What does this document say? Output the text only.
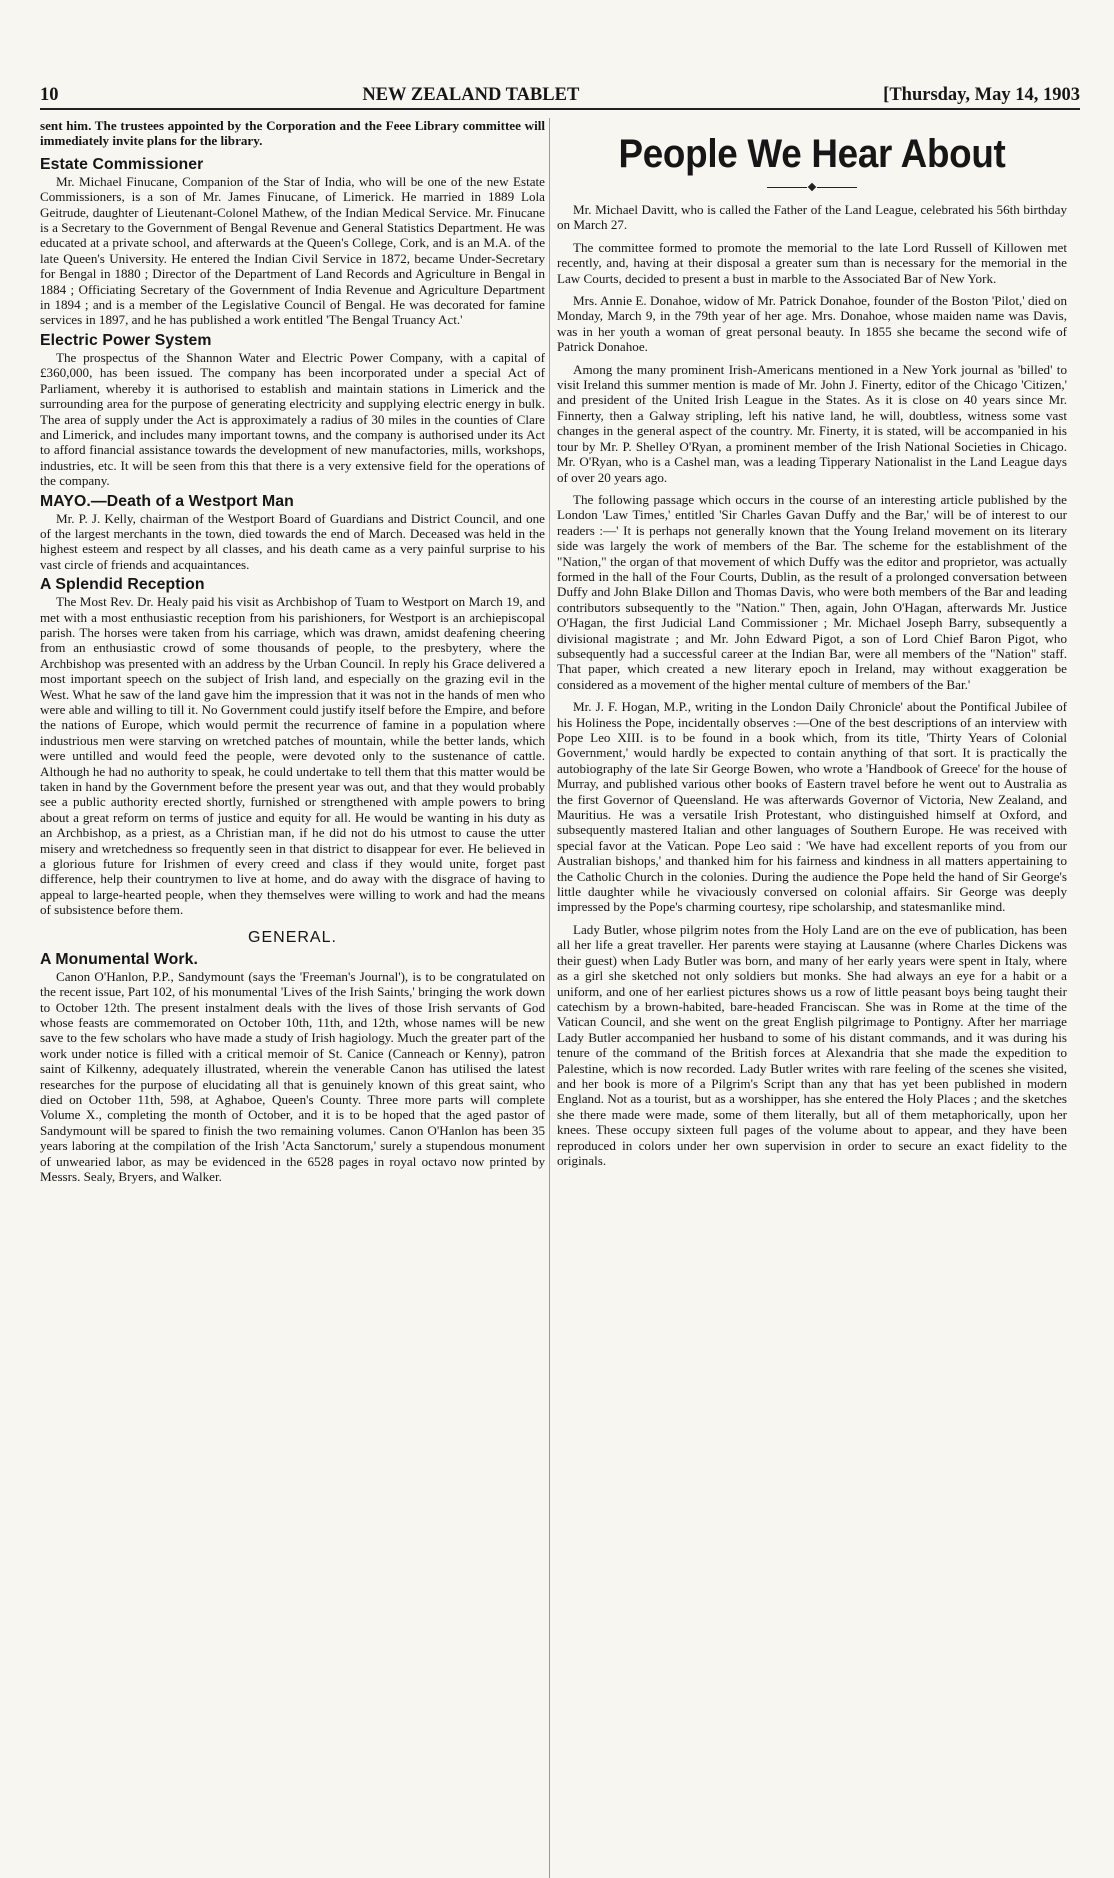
10	NEW ZEALAND TABLET	[Thursday, May 14, 1903

sent him. The trustees appointed by the Corporation and the Feee Library committee will immediately invite plans for the library.

Estate Commissioner

Mr. Michael Finucane, Companion of the Star of India, who will be one of the new Estate Commissioners, is a son of Mr. James Finucane, of Limerick. He married in 1889 Lola Geitrude, daughter of Lieutenant-Colonel Mathew, of the Indian Medical Service. Mr. Finucane is a Secretary to the Government of Bengal Revenue and General Statistics Department. He was educated at a private school, and afterwards at the Queen's College, Cork, and is an M.A. of the late Queen's University. He entered the Indian Civil Service in 1872, became Under-Secretary for Bengal in 1880 ; Director of the Department of Land Records and Agriculture in Bengal in 1884 ; Officiating Secretary of the Government of India Revenue and Agriculture Department in 1894 ; and is a member of the Legislative Council of Bengal. He was decorated for famine services in 1897, and he has published a work entitled 'The Bengal Truancy Act.'

Electric Power System

The prospectus of the Shannon Water and Electric Power Company, with a capital of £360,000, has been issued. The company has been incorporated under a special Act of Parliament, whereby it is authorised to establish and maintain stations in Limerick and the surrounding area for the purpose of generating electricity and supplying electric energy in bulk. The area of supply under the Act is approximately a radius of 30 miles in the counties of Clare and Limerick, and includes many important towns, and the company is authorised under its Act to afford financial assistance towards the development of new manufactories, mills, workshops, industries, etc. It will be seen from this that there is a very extensive field for the operations of the company.

MAYO.—Death of a Westport Man

Mr. P. J. Kelly, chairman of the Westport Board of Guardians and District Council, and one of the largest merchants in the town, died towards the end of March. Deceased was held in the highest esteem and respect by all classes, and his death came as a very painful surprise to his vast circle of friends and acquaintances.

A Splendid Reception

The Most Rev. Dr. Healy paid his visit as Archbishop of Tuam to Westport on March 19, and met with a most enthusiastic reception from his parishioners, for Westport is an archiepiscopal parish. The horses were taken from his carriage, which was drawn, amidst deafening cheering from an enthusiastic crowd of some thousands of people, to the presbytery, where the Archbishop was presented with an address by the Urban Council. In reply his Grace delivered a most important speech on the subject of Irish land, and especially on the grazing evil in the West. What he saw of the land gave him the impression that it was not in the hands of men who were able and willing to till it. No Government could justify itself before the Empire, and before the nations of Europe, which would permit the recurrence of famine in a population where industrious men were starving on wretched patches of mountain, while the better lands, which were untilled and would feed the people, were devoted only to the sustenance of cattle. Although he had no authority to speak, he could undertake to tell them that this matter would be taken in hand by the Government before the present year was out, and that they would probably see a public authority erected shortly, furnished or strengthened with ample powers to bring about a great reform on terms of justice and equity for all. He would be wanting in his duty as an Archbishop, as a priest, as a Christian man, if he did not do his utmost to cause the utter misery and wretchedness so frequently seen in that district to disappear for ever. He believed in a glorious future for Irishmen of every creed and class if they would unite, forget past difference, help their countrymen to live at home, and do away with the disgrace of having to appeal to large-hearted people, when they themselves were willing to work and had the means of subsistence before them.

GENERAL.
A Monumental Work.

Canon O'Hanlon, P.P., Sandymount (says the 'Freeman's Journal'), is to be congratulated on the recent issue, Part 102, of his monumental 'Lives of the Irish Saints,' bringing the work down to October 12th. The present instalment deals with the lives of those Irish servants of God whose feasts are commemorated on October 10th, 11th, and 12th, whose names will be new save to the few scholars who have made a study of Irish hagiology. Much the greater part of the work under notice is filled with a critical memoir of St. Canice (Canneach or Kenny), patron saint of Kilkenny, adequately illustrated, wherein the venerable Canon has utilised the latest researches for the purpose of elucidating all that is genuinely known of this great saint, who died on October 11th, 598, at Aghaboe, Queen's County. Three more parts will complete Volume X., completing the month of October, and it is to be hoped that the aged pastor of Sandymount will be spared to finish the two remaining volumes. Canon O'Hanlon has been 35 years laboring at the compilation of the Irish 'Acta Sanctorum,' surely a stupendous monument of unwearied labor, as may be evidenced in the 6528 pages in royal octavo now printed by Messrs. Sealy, Bryers, and Walker.

People We Hear About

Mr. Michael Davitt, who is called the Father of the Land League, celebrated his 56th birthday on March 27.

The committee formed to promote the memorial to the late Lord Russell of Killowen met recently, and, having at their disposal a greater sum than is necessary for the memorial in the Law Courts, decided to present a bust in marble to the Associated Bar of New York.

Mrs. Annie E. Donahoe, widow of Mr. Patrick Donahoe, founder of the Boston 'Pilot,' died on Monday, March 9, in the 79th year of her age. Mrs. Donahoe, whose maiden name was Davis, was in her youth a woman of great personal beauty. In 1855 she became the second wife of Patrick Donahoe.

Among the many prominent Irish-Americans mentioned in a New York journal as 'billed' to visit Ireland this summer mention is made of Mr. John J. Finerty, editor of the Chicago 'Citizen,' and president of the United Irish League in the States. As it is close on 40 years since Mr. Finnerty, then a Galway stripling, left his native land, he will, doubtless, witness some vast changes in the general aspect of the country. Mr. Finerty, it is stated, will be accompanied in his tour by Mr. P. Shelley O'Ryan, a prominent member of the Irish National Societies in Chicago. Mr. O'Ryan, who is a Cashel man, was a leading Tipperary Nationalist in the Land League days of over 20 years ago.

The following passage which occurs in the course of an interesting article published by the London 'Law Times,' entitled 'Sir Charles Gavan Duffy and the Bar,' will be of interest to our readers :—' It is perhaps not generally known that the Young Ireland movement on its literary side was largely the work of members of the Bar. The scheme for the establishment of the "Nation," the organ of that movement of which Duffy was the editor and proprietor, was actually formed in the hall of the Four Courts, Dublin, as the result of a prolonged conversation between Duffy and John Blake Dillon and Thomas Davis, who were both members of the Bar and leading contributors subsequently to the "Nation." Then, again, John O'Hagan, afterwards Mr. Justice O'Hagan, the first Judicial Land Commissioner ; Mr. Michael Joseph Barry, subsequently a divisional magistrate ; and Mr. John Edward Pigot, a son of Lord Chief Baron Pigot, who subsequently had a successful career at the Indian Bar, were all members of the "Nation" staff. That paper, which created a new literary epoch in Ireland, may without exaggeration be considered as a movement of the higher mental culture of members of the Bar.'

Mr. J. F. Hogan, M.P., writing in the London Daily Chronicle' about the Pontifical Jubilee of his Holiness the Pope, incidentally observes :—One of the best descriptions of an interview with Pope Leo XIII. is to be found in a book which, from its title, 'Thirty Years of Colonial Government,' would hardly be expected to contain anything of that sort. It is practically the autobiography of the late Sir George Bowen, who wrote a 'Handbook of Greece' for the house of Murray, and published various other books of Eastern travel before he went out to Australia as the first Governor of Queensland. He was afterwards Governor of Victoria, New Zealand, and Mauritius. He was a versatile Irish Protestant, who distinguished himself at Oxford, and subsequently mastered Italian and other languages of Southern Europe. He was received with special favor at the Vatican. Pope Leo said : 'We have had excellent reports of you from our Australian bishops,' and thanked him for his fairness and kindness in all matters appertaining to the Catholic Church in the colonies. During the audience the Pope held the hand of Sir George's little daughter while he vivaciously conversed on colonial affairs. Sir George was deeply impressed by the Pope's charming courtesy, ripe scholarship, and statesmanlike mind.

Lady Butler, whose pilgrim notes from the Holy Land are on the eve of publication, has been all her life a great traveller. Her parents were staying at Lausanne (where Charles Dickens was their guest) when Lady Butler was born, and many of her early years were spent in Italy, where as a girl she sketched not only soldiers but monks. She had always an eye for a habit or a uniform, and one of her earliest pictures shows us a row of little peasant boys being taught their catechism by a brown-habited, bare-headed Franciscan. She was in Rome at the time of the Vatican Council, and she went on the great English pilgrimage to Pontigny. After her marriage Lady Butler accompanied her husband to some of his distant commands, and it was during his tenure of the command of the British forces at Alexandria that she made the expedition to Palestine, which is now recorded. Lady Butler writes with rare feeling of the scenes she visited, and her book is more of a Pilgrim's Script than any that has yet been published in modern England. Not as a tourist, but as a worshipper, has she entered the Holy Places ; and the sketches she there made were made, some of them literally, but all of them metaphorically, upon her knees. These occupy sixteen full pages of the volume about to appear, and they have been reproduced in colors under her own supervision in order to secure an exact fidelity to the originals.
